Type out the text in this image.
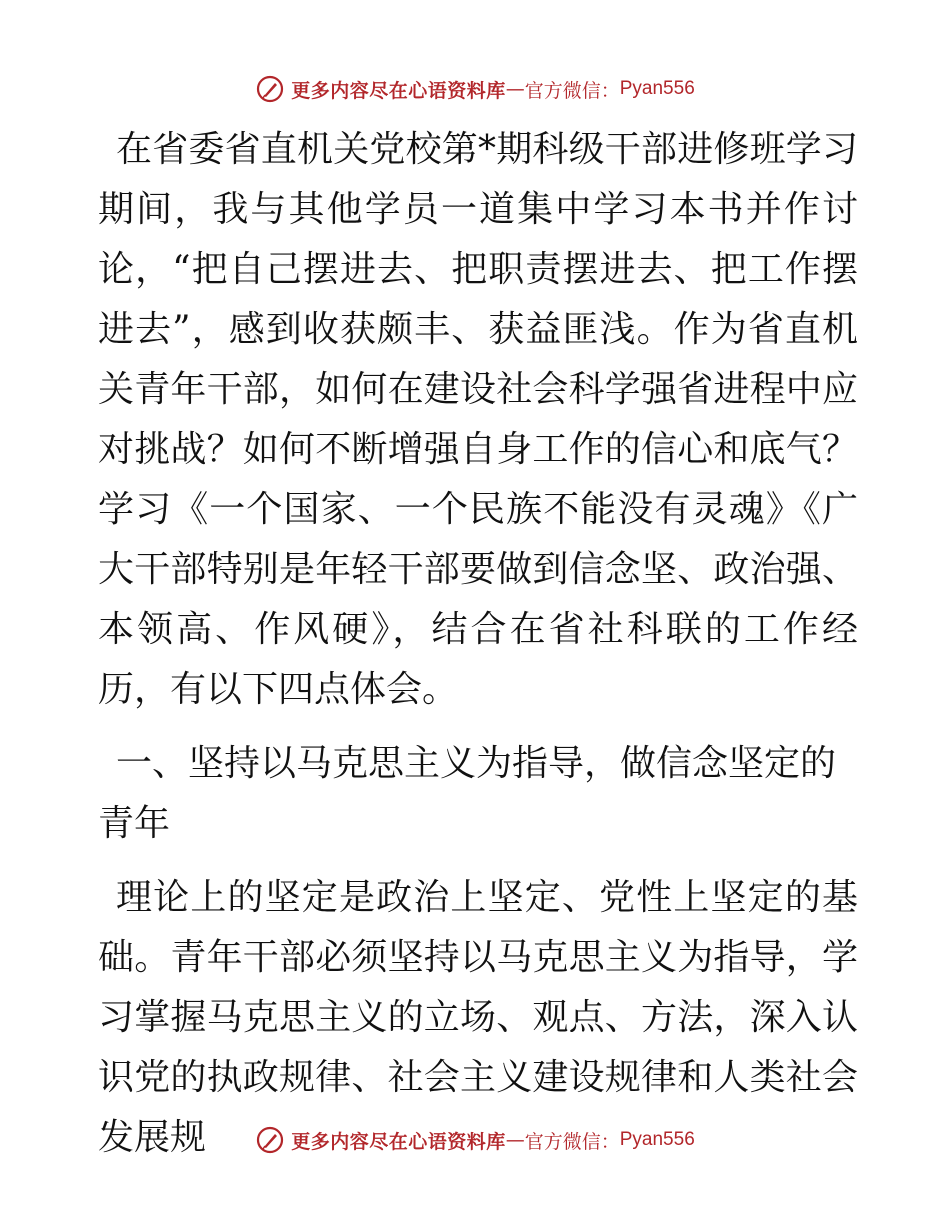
更多内容尽在心语资料库 — 官方微信： Pyan556

在省委省直机关党校第*期科级干部进修班学习期间，我与其他学员一道集中学习本书并作讨论，“把自己摆进去、把职责摆进去、把工作摆进去”，感到收获颇丰、获益匪浅。作为省直机关青年干部，如何在建设社会科学强省进程中应对挑战？如何不断增强自身工作的信心和底气？学习《一个国家、一个民族不能没有灵魂》《广大干部特别是年轻干部要做到信念坚、政治强、本领高、作风硬》，结合在省社科联的工作经历，有以下四点体会。

一、坚持以马克思主义为指导，做信念坚定的青年

理论上的坚定是政治上坚定、党性上坚定的基础。青年干部必须坚持以马克思主义为指导，学习掌握马克思主义的立场、观点、方法，深入认识党的执政规律、社会主义建设规律和人类社会发展规	更多内容尽在心语资料库 — 官方微信： Pyan556
